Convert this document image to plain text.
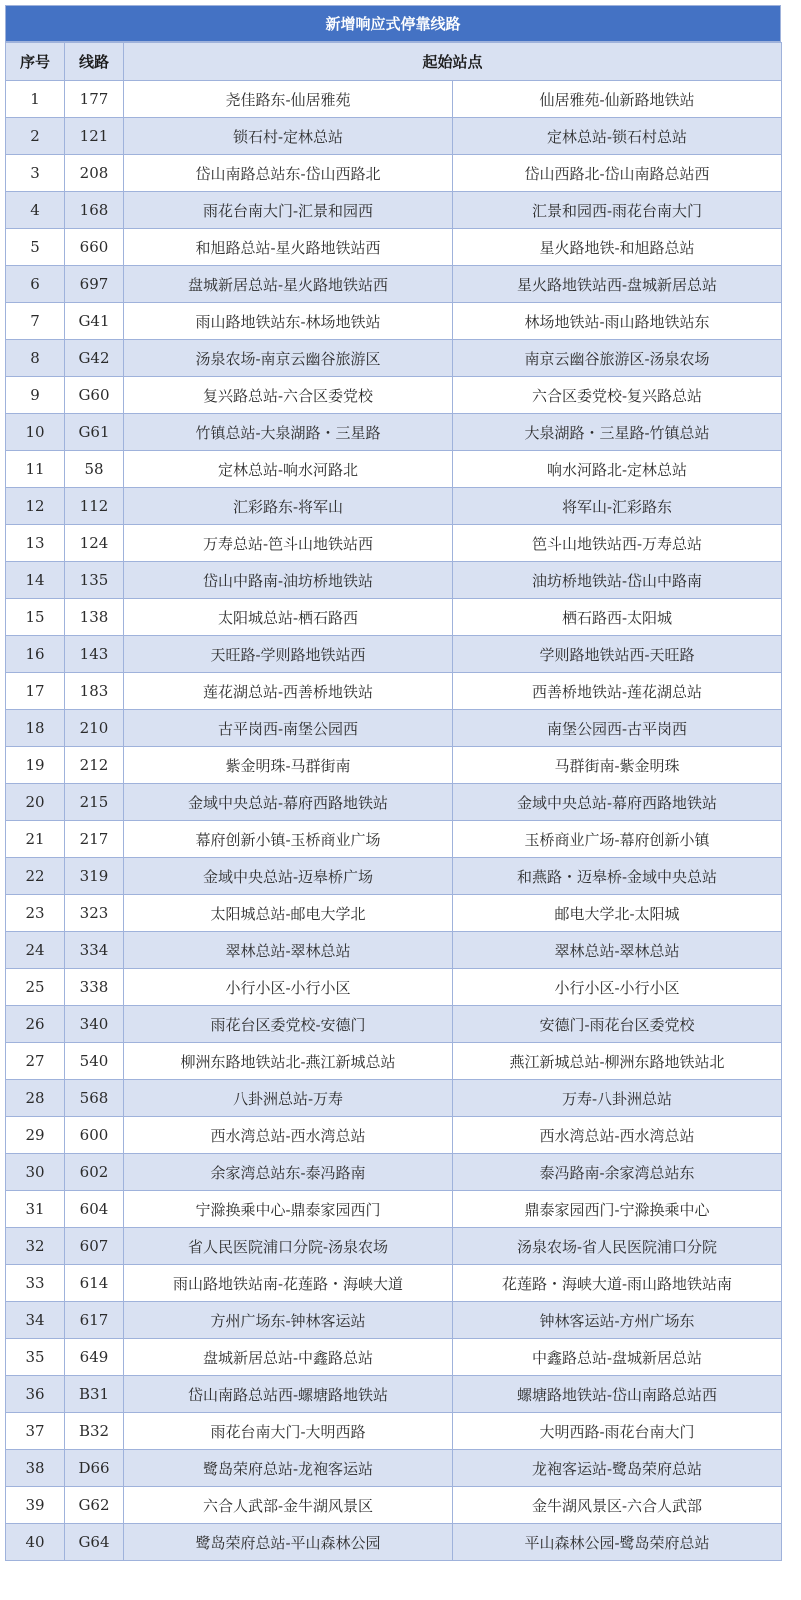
新增响应式停靠线路
序号	线路	起始站点	
1	177	尧佳路东-仙居雅苑	仙居雅苑-仙新路地铁站
2	121	锁石村-定林总站	定林总站-锁石村总站
3	208	岱山南路总站东-岱山西路北	岱山西路北-岱山南路总站西
4	168	雨花台南大门-汇景和园西	汇景和园西-雨花台南大门
5	660	和旭路总站-星火路地铁站西	星火路地铁-和旭路总站
6	697	盘城新居总站-星火路地铁站西	星火路地铁站西-盘城新居总站
7	G41	雨山路地铁站东-林场地铁站	林场地铁站-雨山路地铁站东
8	G42	汤泉农场-南京云幽谷旅游区	南京云幽谷旅游区-汤泉农场
9	G60	复兴路总站-六合区委党校	六合区委党校-复兴路总站
10	G61	竹镇总站-大泉湖路・三星路	大泉湖路・三星路-竹镇总站
11	58	定林总站-响水河路北	响水河路北-定林总站
12	112	汇彩路东-将军山	将军山-汇彩路东
13	124	万寿总站-笆斗山地铁站西	笆斗山地铁站西-万寿总站
14	135	岱山中路南-油坊桥地铁站	油坊桥地铁站-岱山中路南
15	138	太阳城总站-栖石路西	栖石路西-太阳城
16	143	天旺路-学则路地铁站西	学则路地铁站西-天旺路
17	183	莲花湖总站-西善桥地铁站	西善桥地铁站-莲花湖总站
18	210	古平岗西-南堡公园西	南堡公园西-古平岗西
19	212	紫金明珠-马群街南	马群街南-紫金明珠
20	215	金域中央总站-幕府西路地铁站	金域中央总站-幕府西路地铁站
21	217	幕府创新小镇-玉桥商业广场	玉桥商业广场-幕府创新小镇
22	319	金域中央总站-迈皋桥广场	和燕路・迈皋桥-金域中央总站
23	323	太阳城总站-邮电大学北	邮电大学北-太阳城
24	334	翠林总站-翠林总站	翠林总站-翠林总站
25	338	小行小区-小行小区	小行小区-小行小区
26	340	雨花台区委党校-安德门	安德门-雨花台区委党校
27	540	柳洲东路地铁站北-燕江新城总站	燕江新城总站-柳洲东路地铁站北
28	568	八卦洲总站-万寿	万寿-八卦洲总站
29	600	西水湾总站-西水湾总站	西水湾总站-西水湾总站
30	602	余家湾总站东-泰冯路南	泰冯路南-余家湾总站东
31	604	宁滁换乘中心-鼎泰家园西门	鼎泰家园西门-宁滁换乘中心
32	607	省人民医院浦口分院-汤泉农场	汤泉农场-省人民医院浦口分院
33	614	雨山路地铁站南-花莲路・海峡大道	花莲路・海峡大道-雨山路地铁站南
34	617	方州广场东-钟林客运站	钟林客运站-方州广场东
35	649	盘城新居总站-中鑫路总站	中鑫路总站-盘城新居总站
36	B31	岱山南路总站西-螺塘路地铁站	螺塘路地铁站-岱山南路总站西
37	B32	雨花台南大门-大明西路	大明西路-雨花台南大门
38	D66	鹭岛荣府总站-龙袍客运站	龙袍客运站-鹭岛荣府总站
39	G62	六合人武部-金牛湖风景区	金牛湖风景区-六合人武部
40	G64	鹭岛荣府总站-平山森林公园	平山森林公园-鹭岛荣府总站
